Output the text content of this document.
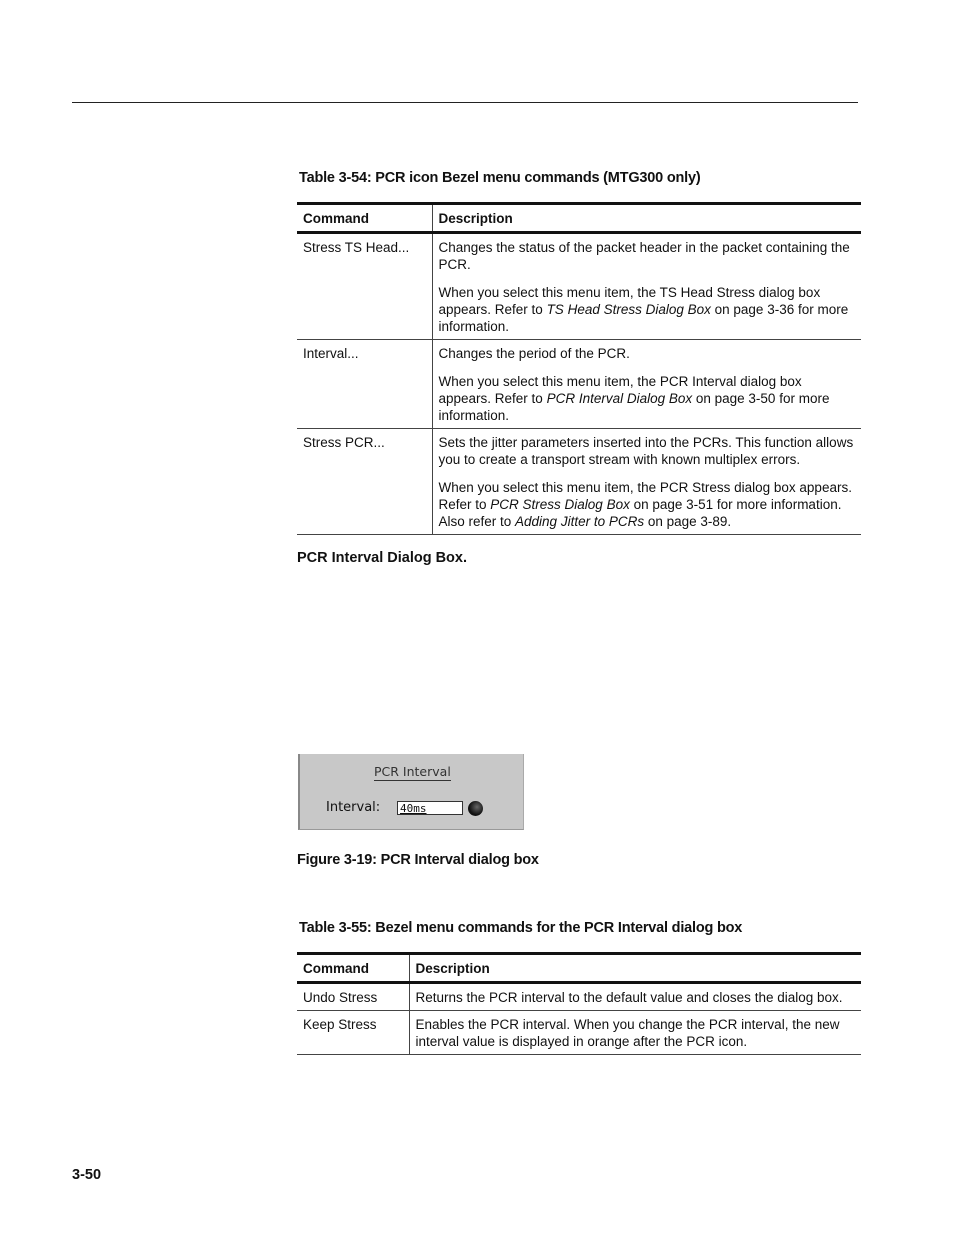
Table 3-54: PCR icon Bezel menu commands (MTG300 only)
Command	Description
Stress TS Head...	Changes the status of the packet header in the packet containing the PCR.

When you select this menu item, the TS Head Stress dialog box appears. Refer to TS Head Stress Dialog Box on page 3-36 for more information.

Interval...	Changes the period of the PCR.

When you select this menu item, the PCR Interval dialog box appears. Refer to PCR Interval Dialog Box on page 3-50 for more information.

Stress PCR...	Sets the jitter parameters inserted into the PCRs. This function allows you to create a transport stream with known multiplex errors.

When you select this menu item, the PCR Stress dialog box appears. Refer to PCR Stress Dialog Box on page 3-51 for more information. Also refer to Adding Jitter to PCRs on page 3-89.

PCR Interval Dialog Box.
PCR Interval
Interval: 40ms
Figure 3-19: PCR Interval dialog box
Table 3-55: Bezel menu commands for the PCR Interval dialog box
Command	Description
Undo Stress	Returns the PCR interval to the default value and closes the dialog box.
Keep Stress	Enables the PCR interval. When you change the PCR interval, the new interval value is displayed in orange after the PCR icon.
3-50
